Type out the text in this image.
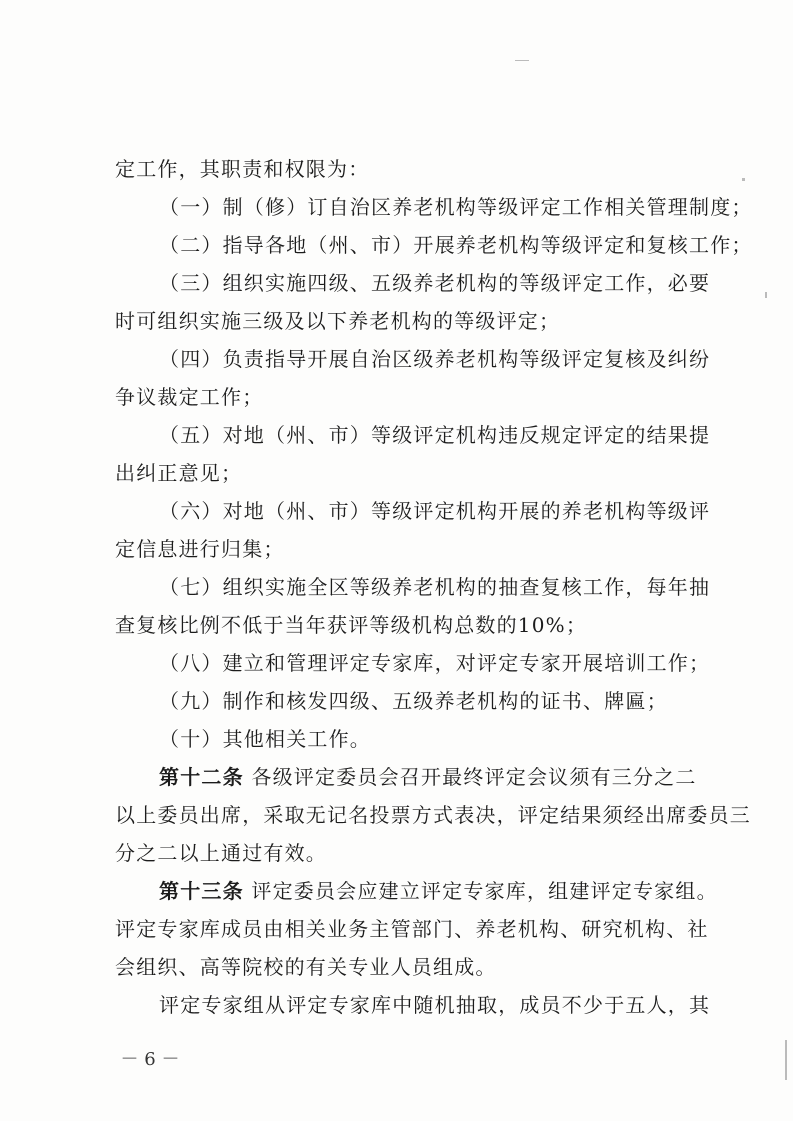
定工作，其职责和权限为：
（一）制（修）订自治区养老机构等级评定工作相关管理制度；
（二）指导各地（州、市）开展养老机构等级评定和复核工作；
（三）组织实施四级、五级养老机构的等级评定工作，必要
时可组织实施三级及以下养老机构的等级评定；
（四）负责指导开展自治区级养老机构等级评定复核及纠纷
争议裁定工作；
（五）对地（州、市）等级评定机构违反规定评定的结果提
出纠正意见；
（六）对地（州、市）等级评定机构开展的养老机构等级评
定信息进行归集；
（七）组织实施全区等级养老机构的抽查复核工作，每年抽
查复核比例不低于当年获评等级机构总数的10%；
（八）建立和管理评定专家库，对评定专家开展培训工作；
（九）制作和核发四级、五级养老机构的证书、牌匾；
（十）其他相关工作。
第十二条 各级评定委员会召开最终评定会议须有三分之二
以上委员出席，采取无记名投票方式表决，评定结果须经出席委员三
分之二以上通过有效。
第十三条 评定委员会应建立评定专家库，组建评定专家组。
评定专家库成员由相关业务主管部门、养老机构、研究机构、社
会组织、高等院校的有关专业人员组成。
评定专家组从评定专家库中随机抽取，成员不少于五人，其
－ 6 －
